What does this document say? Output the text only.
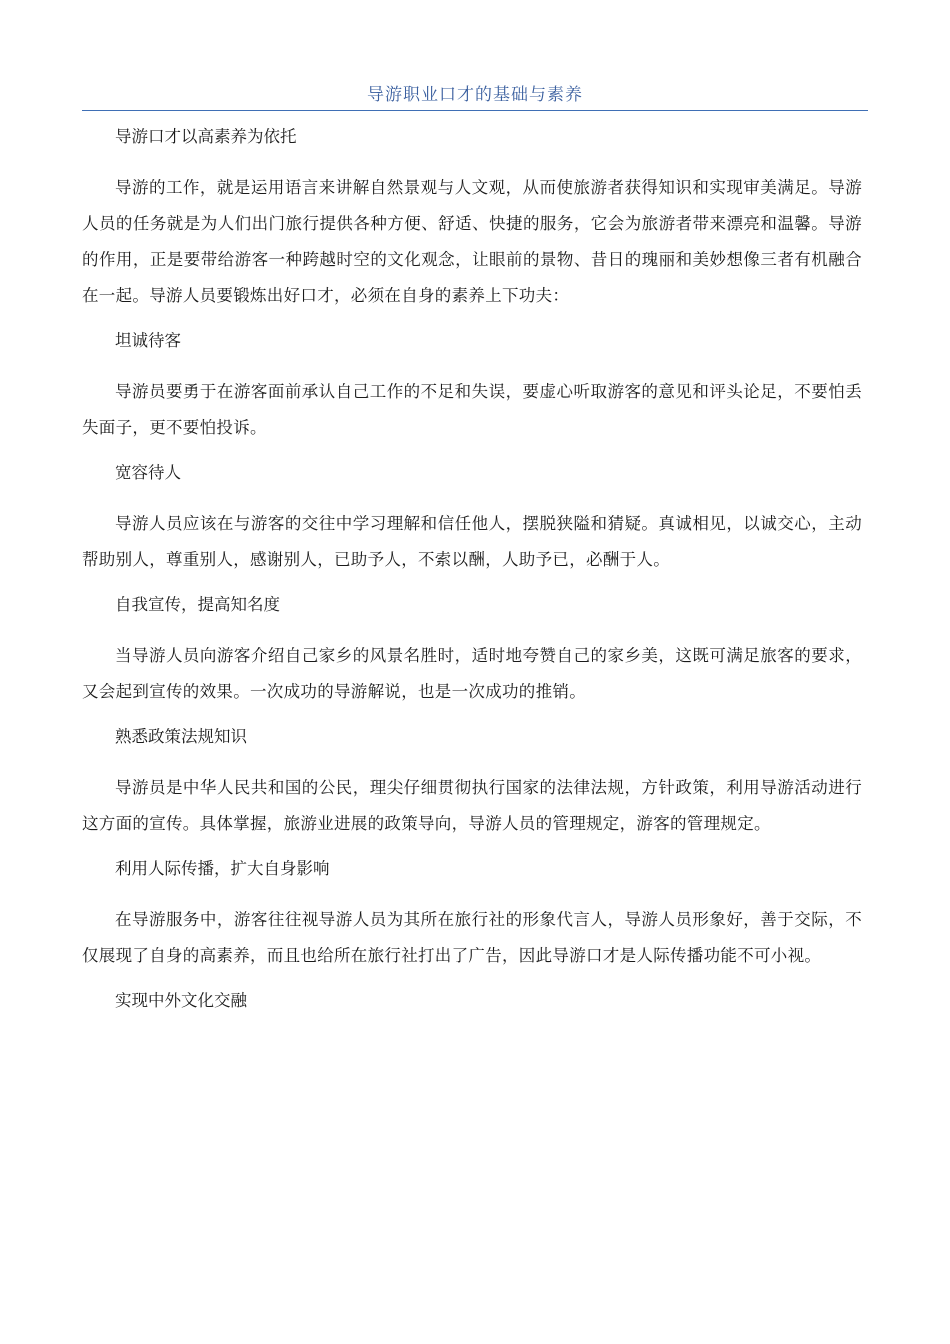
导游职业口才的基础与素养

导游口才以高素养为依托

导游的工作，就是运用语言来讲解自然景观与人文观，从而使旅游者获得知识和实现审美满足。导游人员的任务就是为人们出门旅行提供各种方便、舒适、快捷的服务，它会为旅游者带来漂亮和温馨。导游的作用，正是要带给游客一种跨越时空的文化观念，让眼前的景物、昔日的瑰丽和美妙想像三者有机融合在一起。导游人员要锻炼出好口才，必须在自身的素养上下功夫：

坦诚待客

导游员要勇于在游客面前承认自己工作的不足和失误，要虚心听取游客的意见和评头论足，不要怕丢失面子，更不要怕投诉。

宽容待人

导游人员应该在与游客的交往中学习理解和信任他人，摆脱狭隘和猜疑。真诚相见，以诚交心，主动帮助别人，尊重别人，感谢别人，已助予人，不索以酬，人助予已，必酬于人。

自我宣传，提高知名度

当导游人员向游客介绍自己家乡的风景名胜时，适时地夸赞自己的家乡美，这既可满足旅客的要求，又会起到宣传的效果。一次成功的导游解说，也是一次成功的推销。

熟悉政策法规知识

导游员是中华人民共和国的公民，理尖仔细贯彻执行国家的法律法规，方针政策，利用导游活动进行这方面的宣传。具体掌握，旅游业进展的政策导向，导游人员的管理规定，游客的管理规定。

利用人际传播，扩大自身影响

在导游服务中，游客往往视导游人员为其所在旅行社的形象代言人，导游人员形象好，善于交际，不仅展现了自身的高素养，而且也给所在旅行社打出了广告，因此导游口才是人际传播功能不可小视。

实现中外文化交融
